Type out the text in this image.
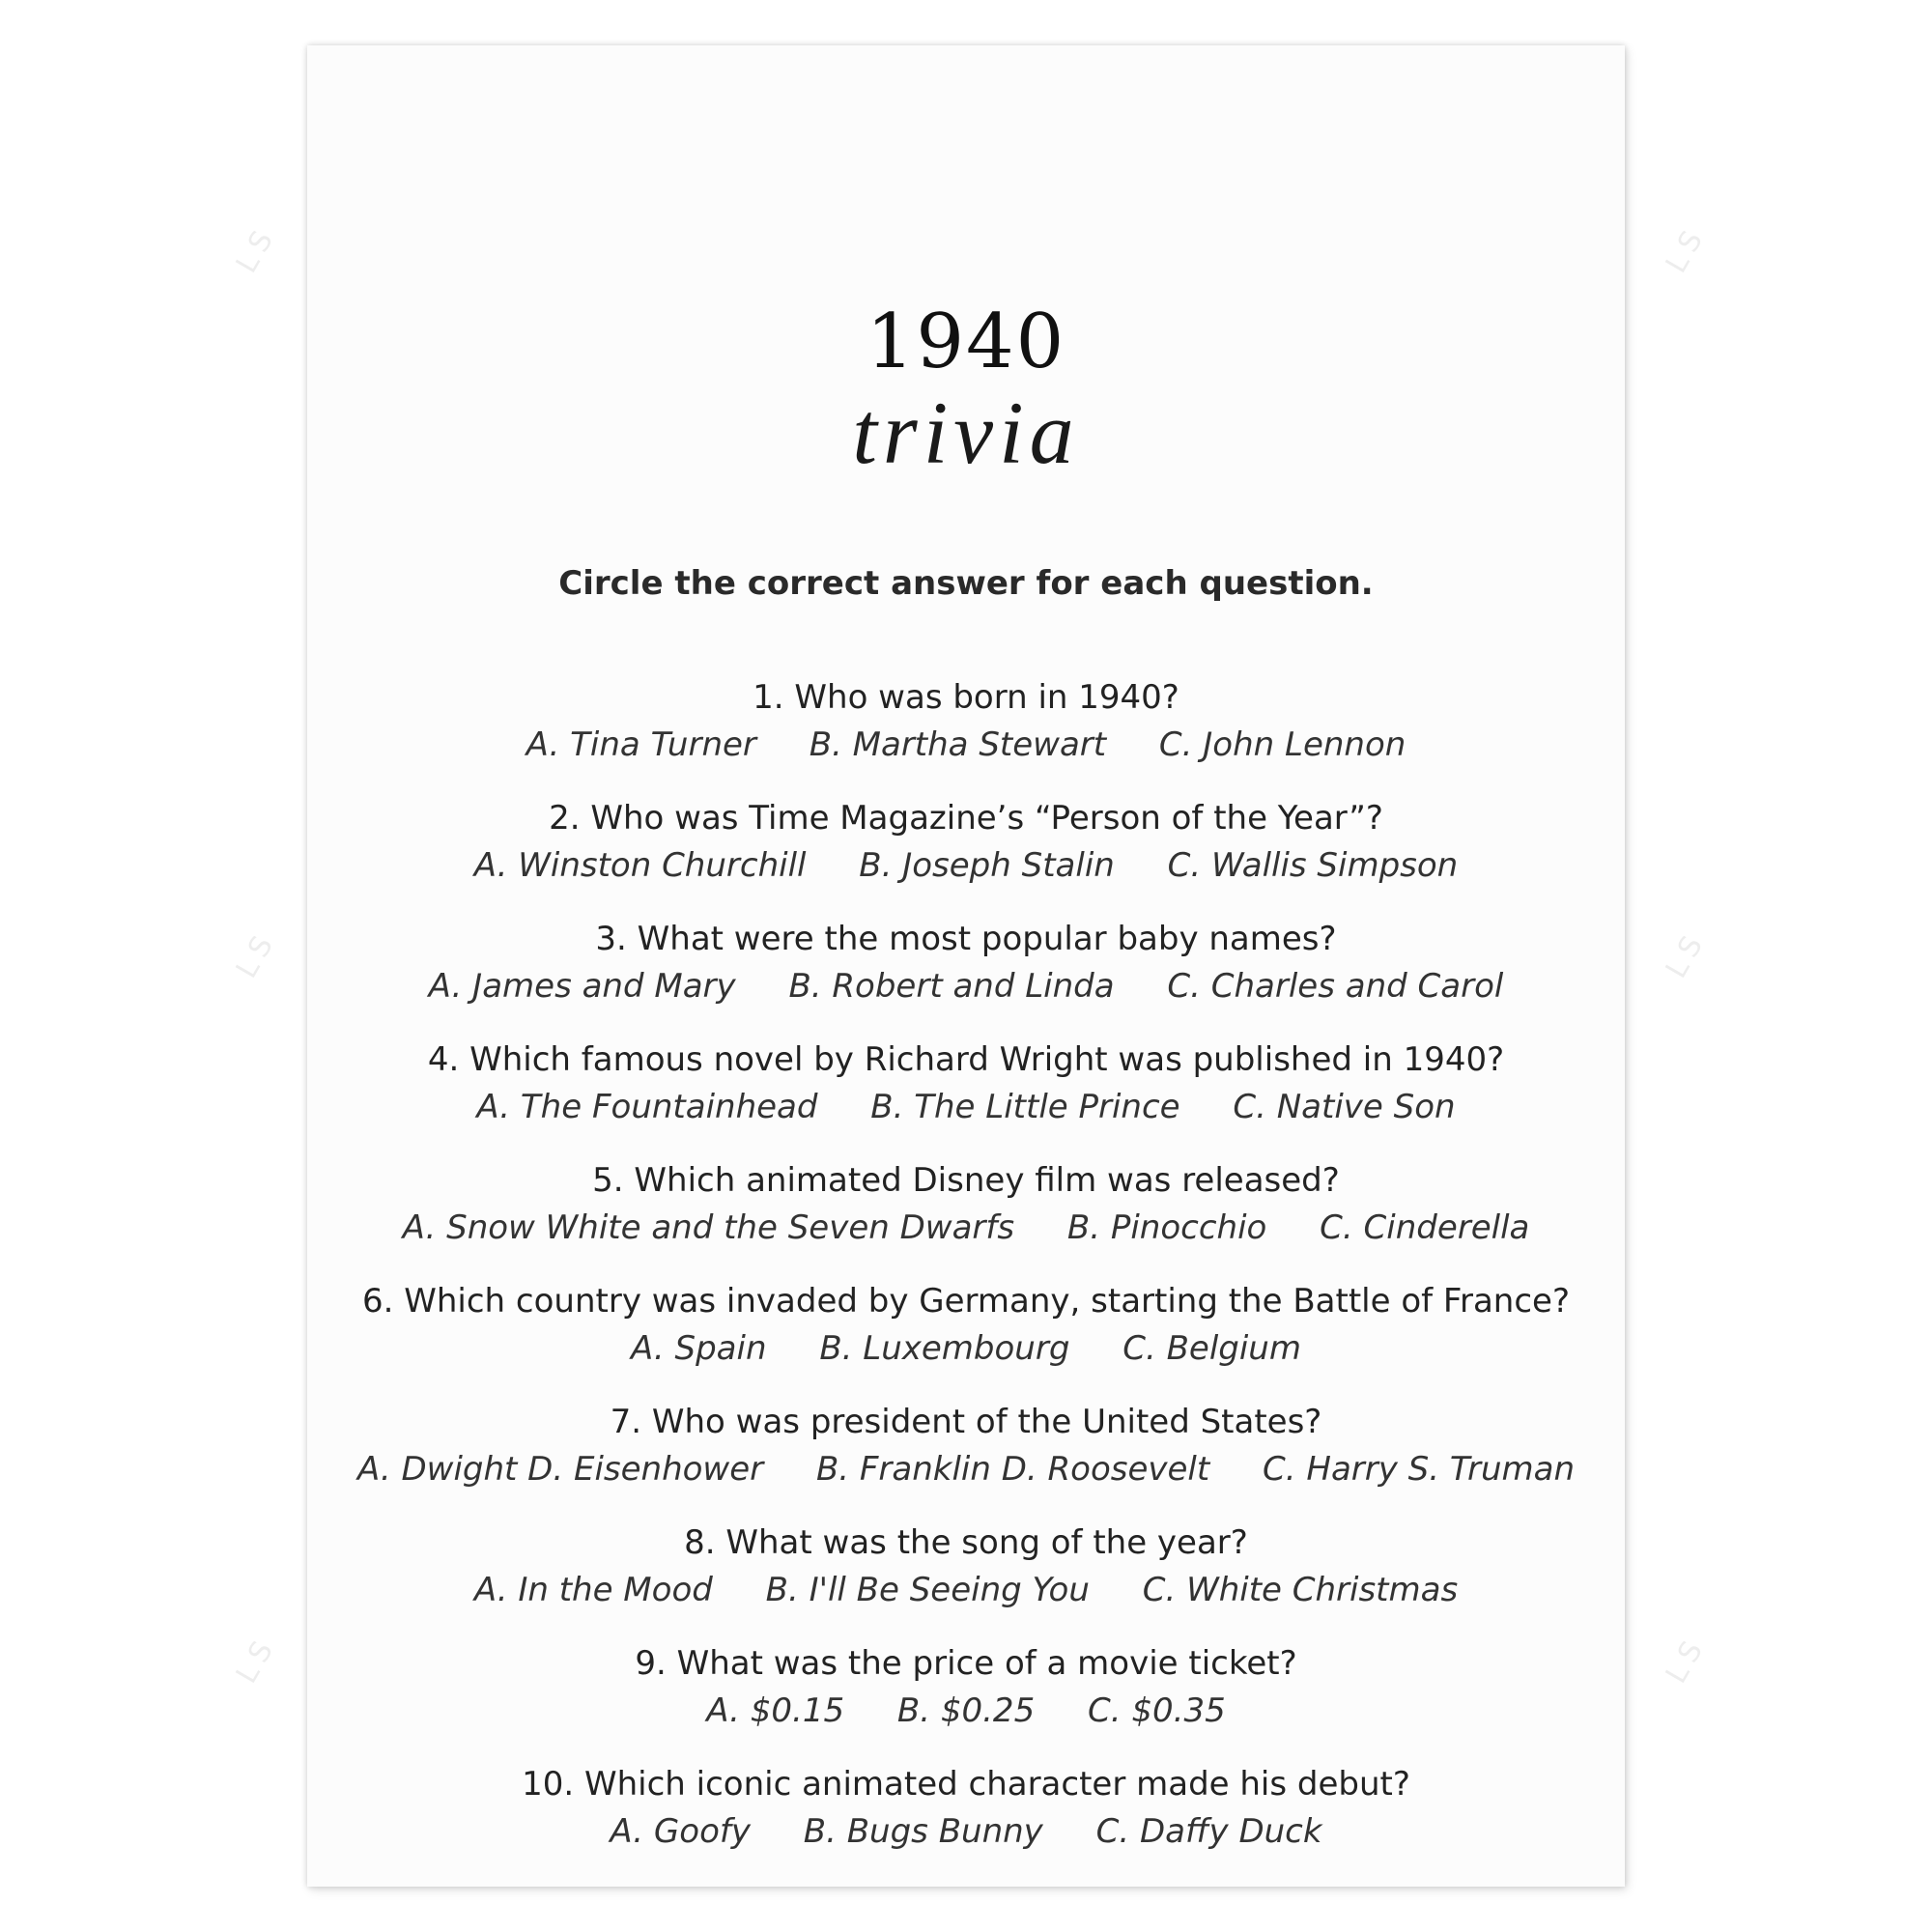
LS	LS
LS	LS
LS	LS
1940
trivia
Circle the correct answer for each question.
1. Who was born in 1940?
A. Tina Turner B. Martha Stewart C. John Lennon
2. Who was Time Magazine’s “Person of the Year”?
A. Winston Churchill B. Joseph Stalin C. Wallis Simpson
3. What were the most popular baby names?
A. James and Mary B. Robert and Linda C. Charles and Carol
4. Which famous novel by Richard Wright was published in 1940?
A. The Fountainhead B. The Little Prince C. Native Son
5. Which animated Disney film was released?
A. Snow White and the Seven Dwarfs B. Pinocchio C. Cinderella
6. Which country was invaded by Germany, starting the Battle of France?
A. Spain B. Luxembourg C. Belgium
7. Who was president of the United States?
A. Dwight D. Eisenhower B. Franklin D. Roosevelt C. Harry S. Truman
8. What was the song of the year?
A. In the Mood B. I'll Be Seeing You C. White Christmas
9. What was the price of a movie ticket?
A. $0.15 B. $0.25 C. $0.35
10. Which iconic animated character made his debut?
A. Goofy B. Bugs Bunny C. Daffy Duck
